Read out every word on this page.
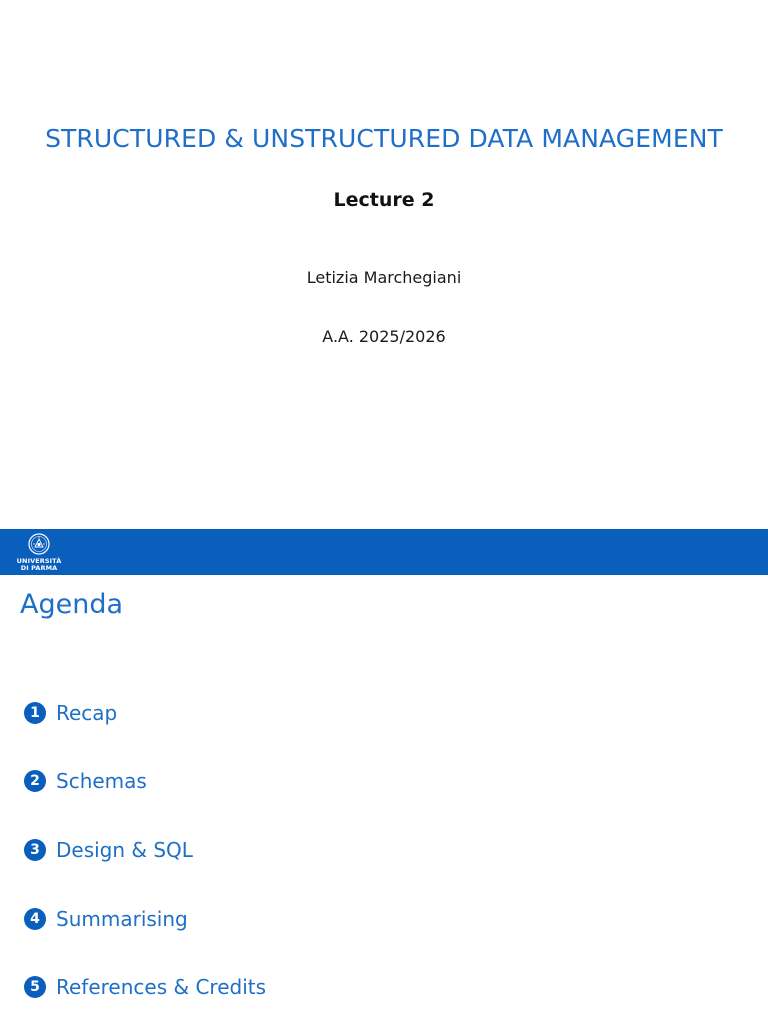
STRUCTURED & UNSTRUCTURED DATA MANAGEMENT
Lecture 2
Letizia Marchegiani
A.A. 2025/2026
UNIVERSITÀ
DI PARMA
Agenda
1 Recap
2 Schemas
3 Design & SQL
4 Summarising
5 References & Credits
